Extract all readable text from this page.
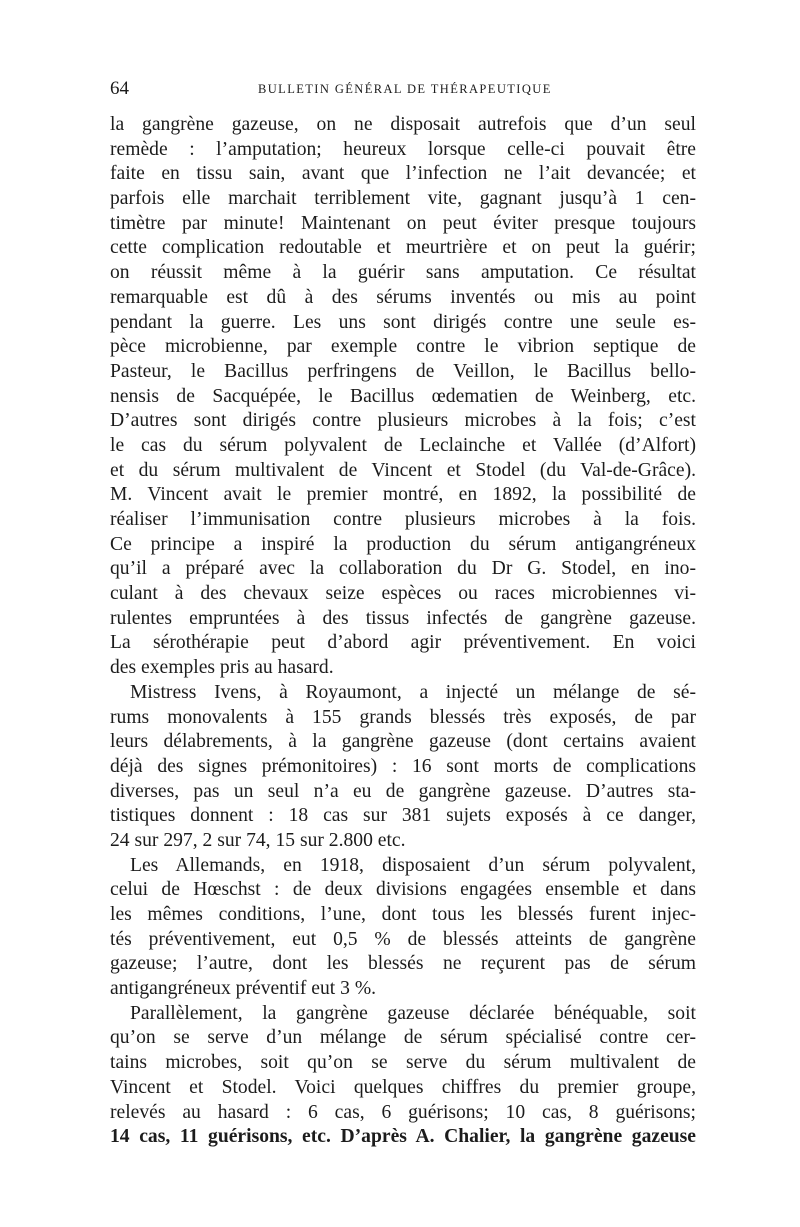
64	BULLETIN GÉNÉRAL DE THÉRAPEUTIQUE
la gangrène gazeuse, on ne disposait autrefois que d’un seul
remède : l’amputation; heureux lorsque celle-ci pouvait être
faite en tissu sain, avant que l’infection ne l’ait devancée; et
parfois elle marchait terriblement vite, gagnant jusqu’à 1 cen-
timètre par minute! Maintenant on peut éviter presque toujours
cette complication redoutable et meurtrière et on peut la guérir;
on réussit même à la guérir sans amputation. Ce résultat
remarquable est dû à des sérums inventés ou mis au point
pendant la guerre. Les uns sont dirigés contre une seule es-
pèce microbienne, par exemple contre le vibrion septique de
Pasteur, le Bacillus perfringens de Veillon, le Bacillus bello-
nensis de Sacquépée, le Bacillus œdematien de Weinberg, etc.
D’autres sont dirigés contre plusieurs microbes à la fois; c’est
le cas du sérum polyvalent de Leclainche et Vallée (d’Alfort)
et du sérum multivalent de Vincent et Stodel (du Val-de-Grâce).
M. Vincent avait le premier montré, en 1892, la possibilité de
réaliser l’immunisation contre plusieurs microbes à la fois.
Ce principe a inspiré la production du sérum antigangréneux
qu’il a préparé avec la collaboration du Dr G. Stodel, en ino-
culant à des chevaux seize espèces ou races microbiennes vi-
rulentes empruntées à des tissus infectés de gangrène gazeuse.
La sérothérapie peut d’abord agir préventivement. En voici
des exemples pris au hasard.
Mistress Ivens, à Royaumont, a injecté un mélange de sé-
rums monovalents à 155 grands blessés très exposés, de par
leurs délabrements, à la gangrène gazeuse (dont certains avaient
déjà des signes prémonitoires) : 16 sont morts de complications
diverses, pas un seul n’a eu de gangrène gazeuse. D’autres sta-
tistiques donnent : 18 cas sur 381 sujets exposés à ce danger,
24 sur 297, 2 sur 74, 15 sur 2.800 etc.
Les Allemands, en 1918, disposaient d’un sérum polyvalent,
celui de Hœschst : de deux divisions engagées ensemble et dans
les mêmes conditions, l’une, dont tous les blessés furent injec-
tés préventivement, eut 0,5 % de blessés atteints de gangrène
gazeuse; l’autre, dont les blessés ne reçurent pas de sérum
antigangréneux préventif eut 3 %.
Parallèlement, la gangrène gazeuse déclarée bénéquable, soit
qu’on se serve d’un mélange de sérum spécialisé contre cer-
tains microbes, soit qu’on se serve du sérum multivalent de
Vincent et Stodel. Voici quelques chiffres du premier groupe,
relevés au hasard : 6 cas, 6 guérisons; 10 cas, 8 guérisons;
14 cas, 11 guérisons, etc. D’après A. Chalier, la gangrène gazeuse
